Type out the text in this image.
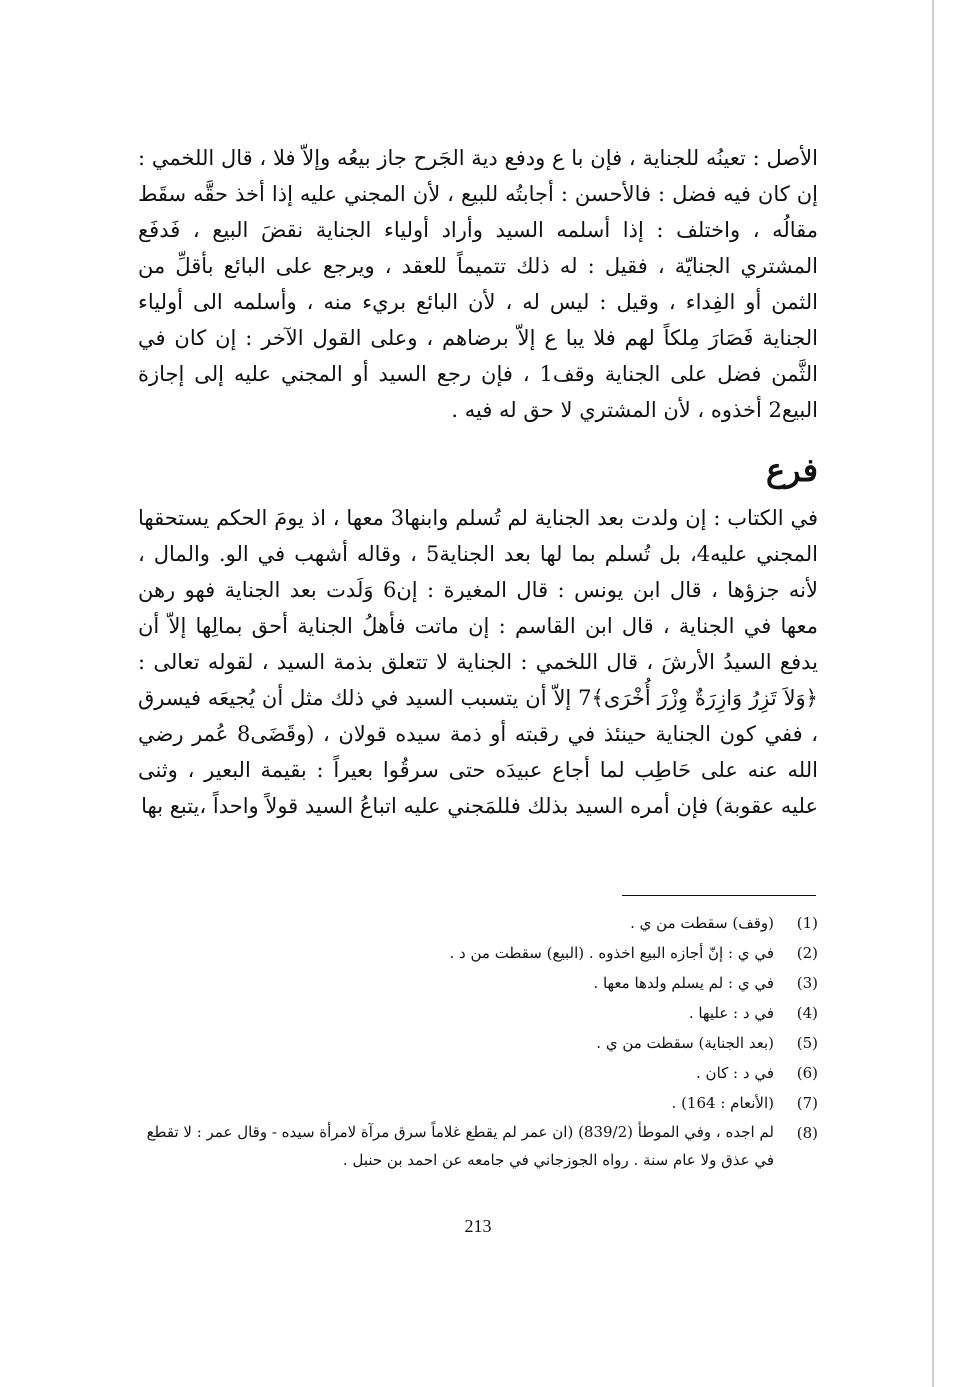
الأصل : تعينُه للجناية ، فإن با ع ودفع دية الجَرح جاز بيعُه وإلاّ فلا ، قال اللخمي : إن كان فيه فضل : فالأحسن : أجابتُه للبيع ، لأن المجني عليه إذا أخذ حقَّه سقَط مقالُه ، واختلف : إذا أسلمه السيد وأراد أولياء الجناية نقضَ البيع ، فَدفَع المشتري الجنايّة ، فقيل : له ذلك تتميماً للعقد ، ويرجع على البائع بأقلِّ من الثمن أو الفِداء ، وقيل : ليس له ، لأن البائع بريء منه ، وأسلمه الى أولياء الجناية فَصَارَ مِلكاً لهم فلا يبا ع إلاّ برضاهم ، وعلى القول الآخر : إن كان في الثَّمن فضل على الجناية وقف1 ، فإن رجع السيد أو المجني عليه إلى إجازة البيع2 أخذوه ، لأن المشتري لا حق له فيه .

فرع

في الكتاب : إن ولدت بعد الجناية لم تُسلم وابنها3 معها ، اذ يومَ الحكم يستحقها المجني عليه4، بل تُسلم بما لها بعد الجناية5 ، وقاله أشهب في الو. والمال ، لأنه جزؤها ، قال ابن يونس : قال المغيرة : إن6 وَلَدت بعد الجناية فهو رهن معها في الجناية ، قال ابن القاسم : إن ماتت فأهلُ الجناية أحق بمالِها إلاّ أن يدفع السيدُ الأرشَ ، قال اللخمي : الجناية لا تتعلق بذمة السيد ، لقوله تعالى : ﴿وَلاَ تَزِرُ وَازِرَةٌ وِزْرَ أُخْرَى﴾7 إلاّ أن يتسبب السيد في ذلك مثل أن يُجيعَه فيسرق ، ففي كون الجناية حينئذ في رقبته أو ذمة سيده قولان ، (وقَضَى8 عُمر رضي الله عنه على حَاطِب لما أجاع عبيدَه حتى سرقُوا بعيراً : بقيمة البعير ، وثنى عليه عقوبة) فإن أمره السيد بذلك فللمَجني عليه اتباعُ السيد قولاً واحداً ،يتبع بها

(1)
(وقف) سقطت من ي .
(2)
في ي : إنّ أجازه البيع اخذوه . (البيع) سقطت من د .
(3)
في ي : لم يسلم ولدها معها .
(4)
في د : عليها .
(5)
(بعد الجناية) سقطت من ي .
(6)
في د : كان .
(7)
(الأنعام : 164) .
(8)
لم اجده ، وفي الموطأ (839/2) (ان عمر لم يقطع غلاماً سرق مرآة لامرأة سيده - وقال عمر : لا تقطع في عذق ولا عام سنة . رواه الجوزجاني في جامعه عن احمد بن حنبل .
213
